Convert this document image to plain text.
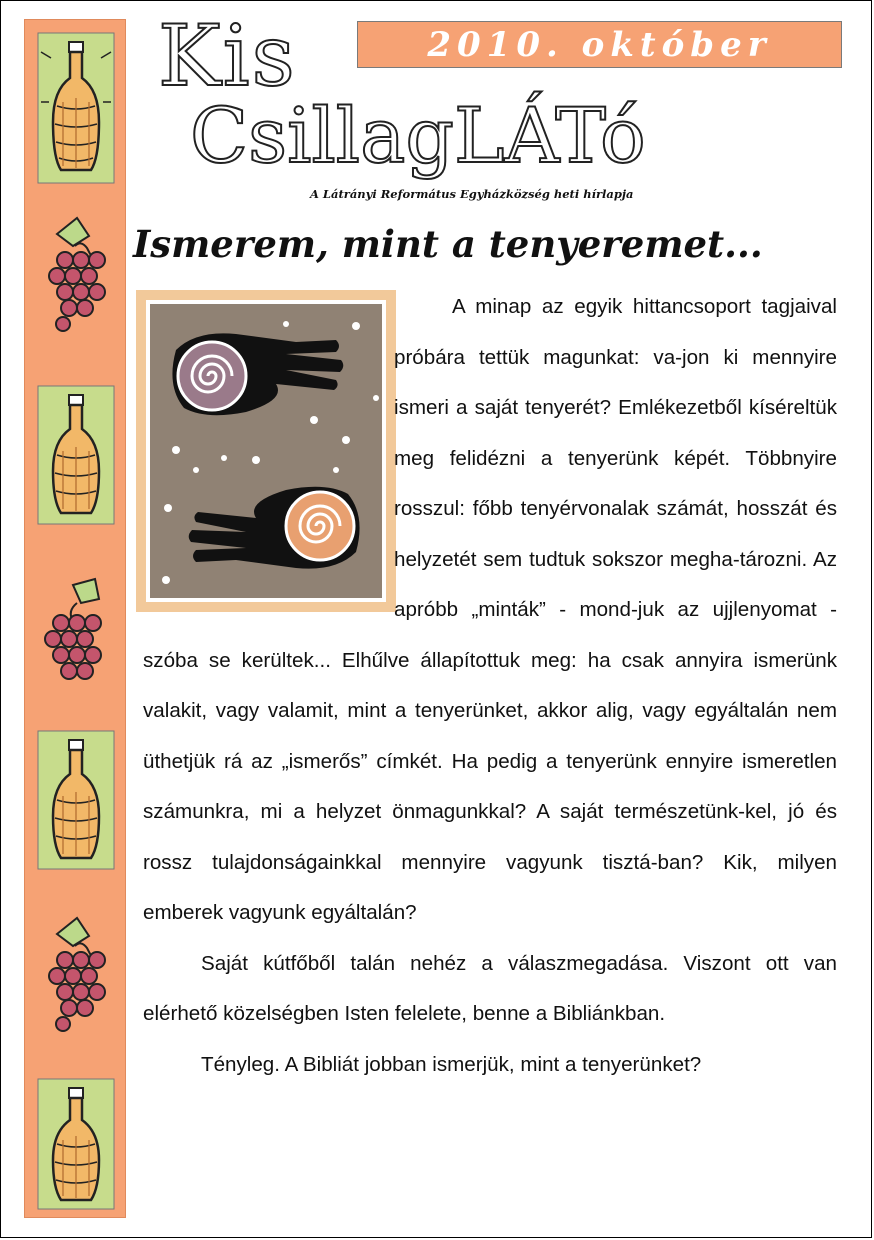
Kis
CsillagLÁTó
2010. október
A Látrányi Református Egyházközség heti hírlapja
Ismerem, mint a tenyeremet...

A minap az egyik hittancsoport tagjaival próbára tettük magunkat: va-jon ki mennyire ismeri a saját tenyerét? Emlékezetből kíséreltük meg felidézni a tenyerünk képét. Többnyire rosszul: főbb tenyérvonalak számát, hosszát és helyzetét sem tudtuk sokszor megha-tározni. Az apróbb „minták” - mond-juk az ujjlenyomat - szóba se kerültek... Elhűlve állapítottuk meg: ha csak annyira ismerünk valakit, vagy valamit, mint a tenyerünket, akkor alig, vagy egyáltalán nem üthetjük rá az „ismerős” címkét. Ha pedig a tenyerünk ennyire ismeretlen számunkra, mi a helyzet önmagunkkal? A saját természetünk-kel, jó és rossz tulajdonságainkkal mennyire vagyunk tisztá-ban? Kik, milyen emberek vagyunk egyáltalán?

Saját kútfőből talán nehéz a válaszmegadása. Viszont ott van elérhető közelségben Isten felelete, benne a Bibliánkban.

Tényleg. A Bibliát jobban ismerjük, mint a tenyerünket?
